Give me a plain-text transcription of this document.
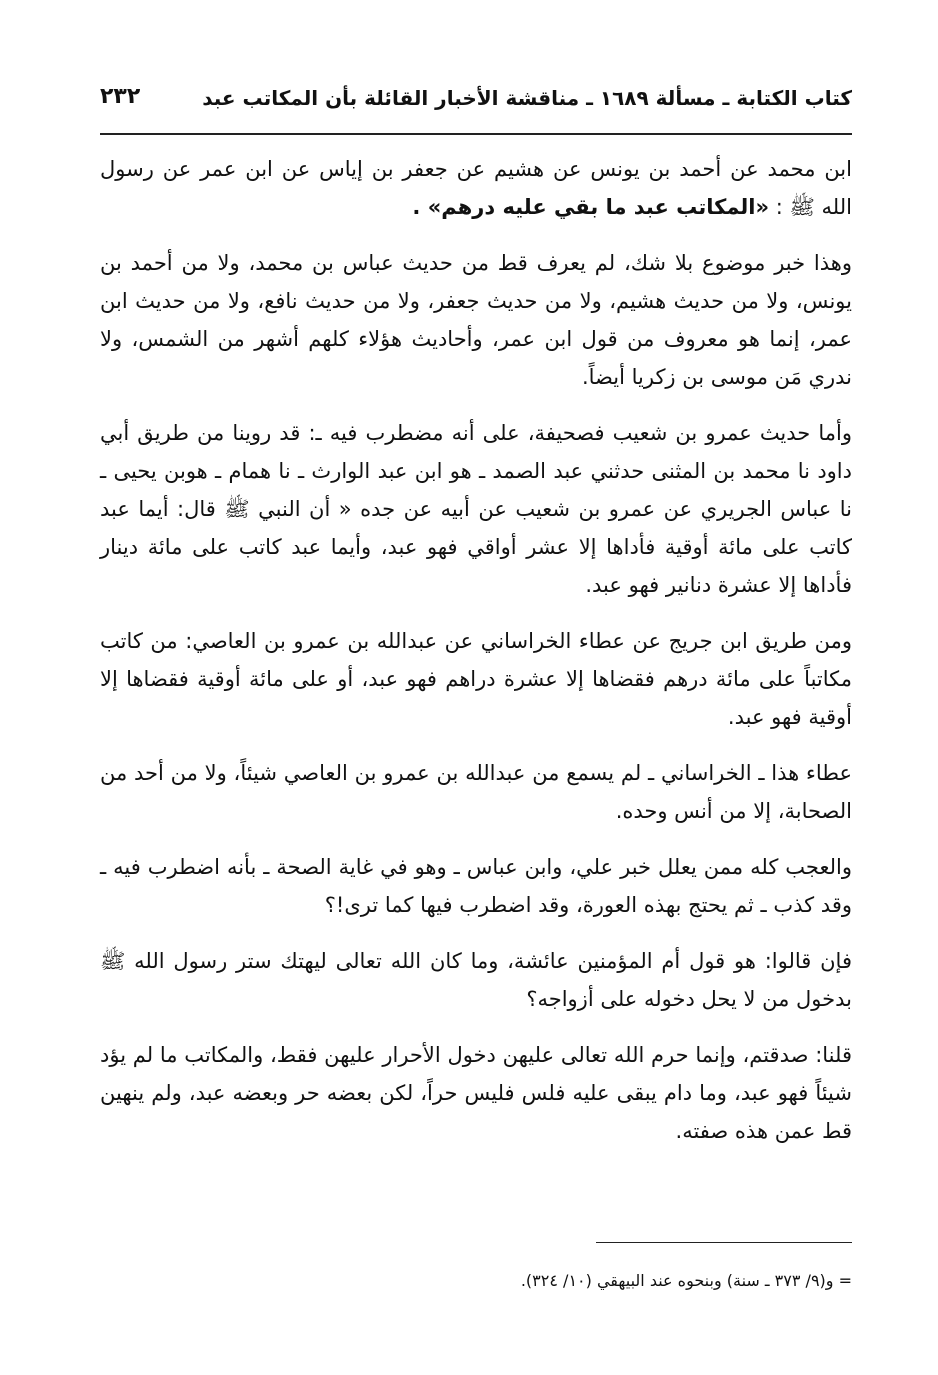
كتاب الكتابة ـ مسألة ١٦٨٩ ـ مناقشة الأخبار القائلة بأن المكاتب عبد
٢٣٢

ابن محمد عن أحمد بن يونس عن هشيم عن جعفر بن إياس عن ابن عمر عن رسول الله ﷺ : «المكاتب عبد ما بقي عليه درهم» .

وهذا خبر موضوع بلا شك، لم يعرف قط من حديث عباس بن محمد، ولا من أحمد بن يونس، ولا من حديث هشيم، ولا من حديث جعفر، ولا من حديث نافع، ولا من حديث ابن عمر، إنما هو معروف من قول ابن عمر، وأحاديث هؤلاء كلهم أشهر من الشمس، ولا ندري مَن موسى بن زكريا أيضاً.

وأما حديث عمرو بن شعيب فصحيفة، على أنه مضطرب فيه ـ: قد روينا من طريق أبي داود نا محمد بن المثنى حدثني عبد الصمد ـ هو ابن عبد الوارث ـ نا همام ـ هوبن يحيى ـ نا عباس الجريري عن عمرو بن شعيب عن أبيه عن جده « أن النبي ﷺ قال: أيما عبد كاتب على مائة أوقية فأداها إلا عشر أواقي فهو عبد، وأيما عبد كاتب على مائة دينار فأداها إلا عشرة دنانير فهو عبد.

ومن طريق ابن جريج عن عطاء الخراساني عن عبدالله بن عمرو بن العاصي: من كاتب مكاتباً على مائة درهم فقضاها إلا عشرة دراهم فهو عبد، أو على مائة أوقية فقضاها إلا أوقية فهو عبد.

عطاء هذا ـ الخراساني ـ لم يسمع من عبدالله بن عمرو بن العاصي شيئاً، ولا من أحد من الصحابة، إلا من أنس وحده.

والعجب كله ممن يعلل خبر علي، وابن عباس ـ وهو في غاية الصحة ـ بأنه اضطرب فيه ـ وقد كذب ـ ثم يحتج بهذه العورة، وقد اضطرب فيها كما ترى!؟

فإن قالوا: هو قول أم المؤمنين عائشة، وما كان الله تعالى ليهتك ستر رسول الله ﷺ بدخول من لا يحل دخوله على أزواجه؟

قلنا: صدقتم، وإنما حرم الله تعالى عليهن دخول الأحرار عليهن فقط، والمكاتب ما لم يؤد شيئاً فهو عبد، وما دام يبقى عليه فلس فليس حراً، لكن بعضه حر وبعضه عبد، ولم ينهين قط عمن هذه صفته.

= و(٩/ ٣٧٣ ـ سنة) وبنحوه عند البيهقي (١٠/ ٣٢٤).
